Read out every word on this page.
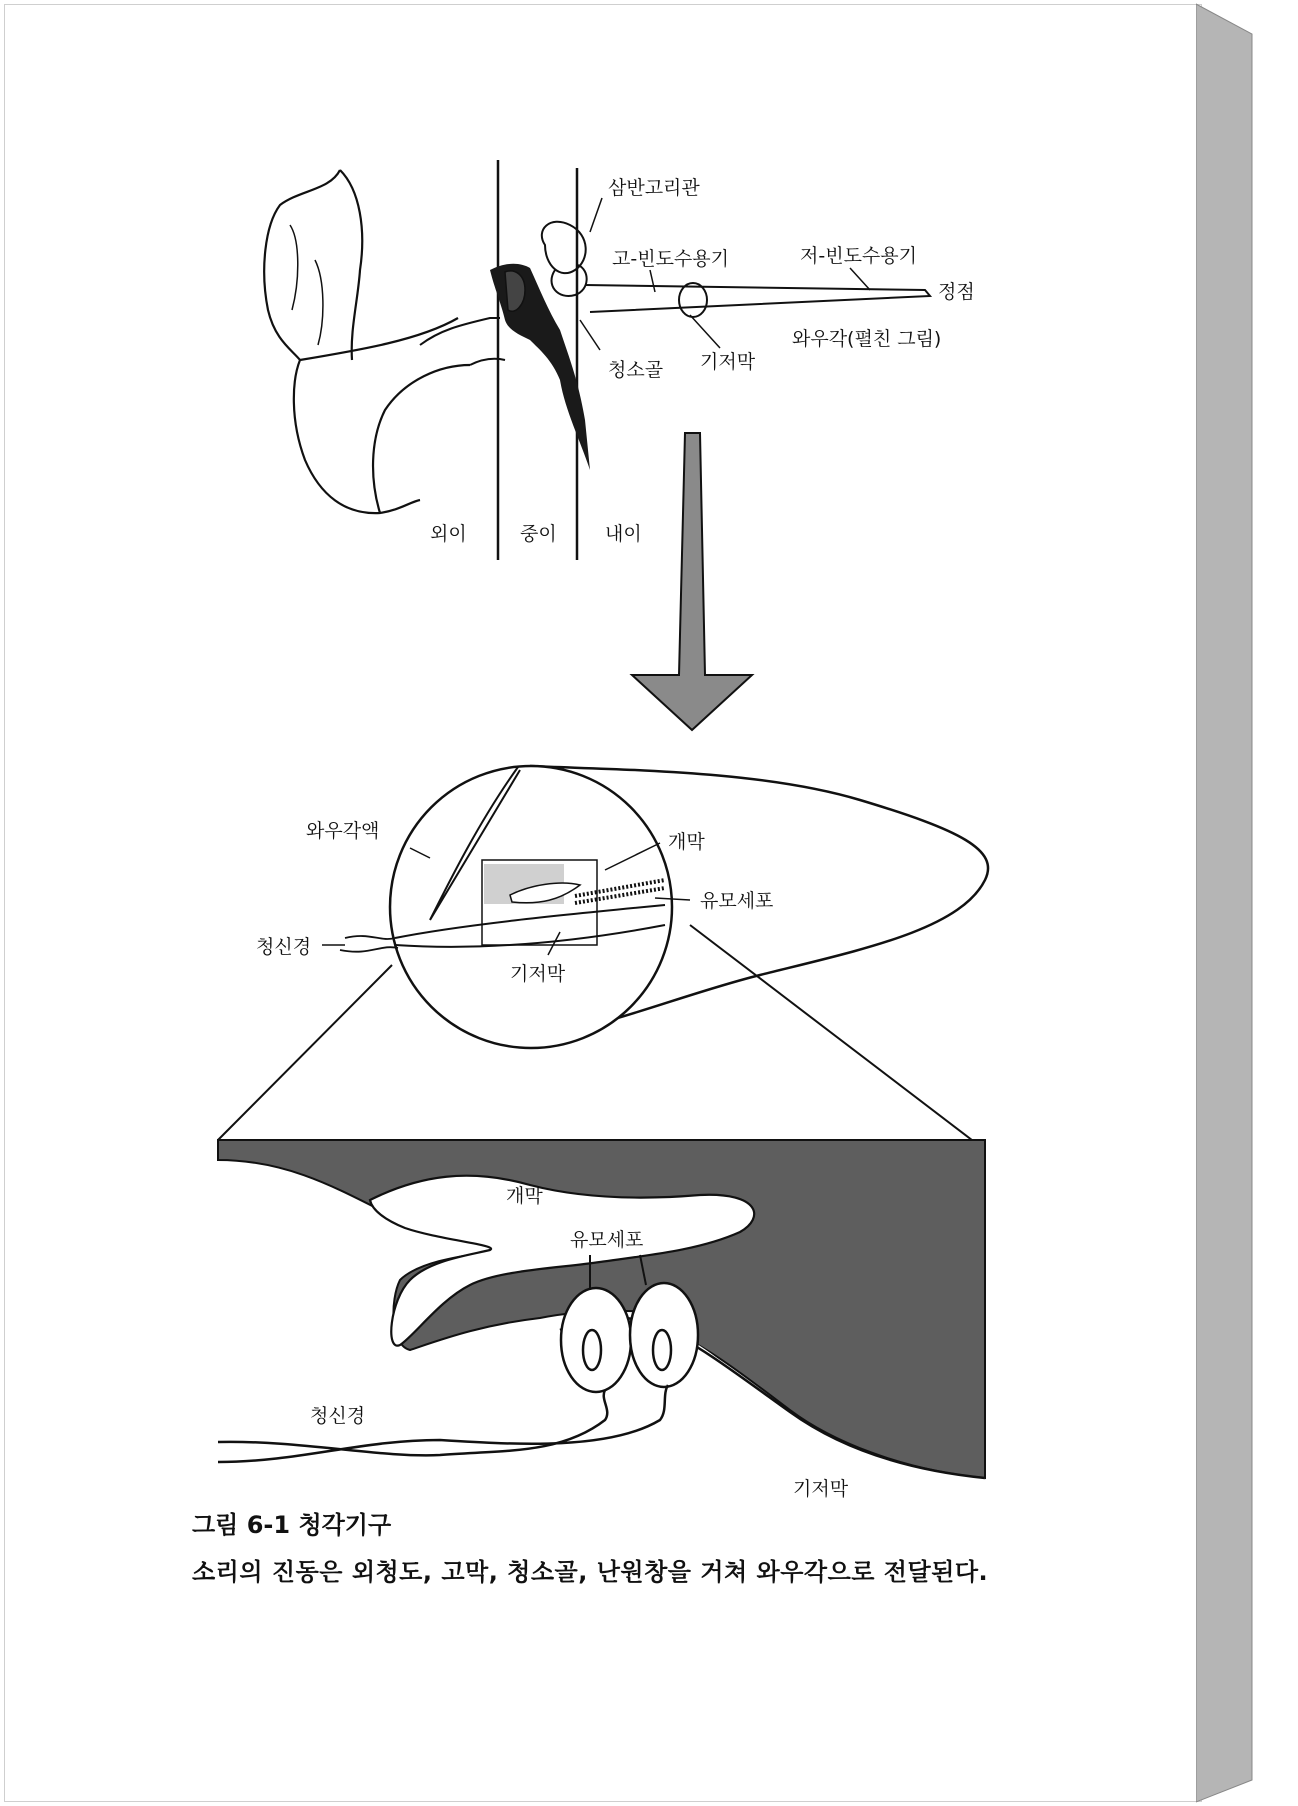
삼반고리관
고-빈도수용기	저-빈도수용기
정점
청소골 기저막
와우각(펼친 그림)
외이	중이	내이
와우각액	개막
유모세포
청신경
기저막
개막
유모세포
청신경
기저막
그림 6-1 청각기구
소리의 진동은 외청도, 고막, 청소골, 난원창을 거쳐 와우각으로 전달된다.
